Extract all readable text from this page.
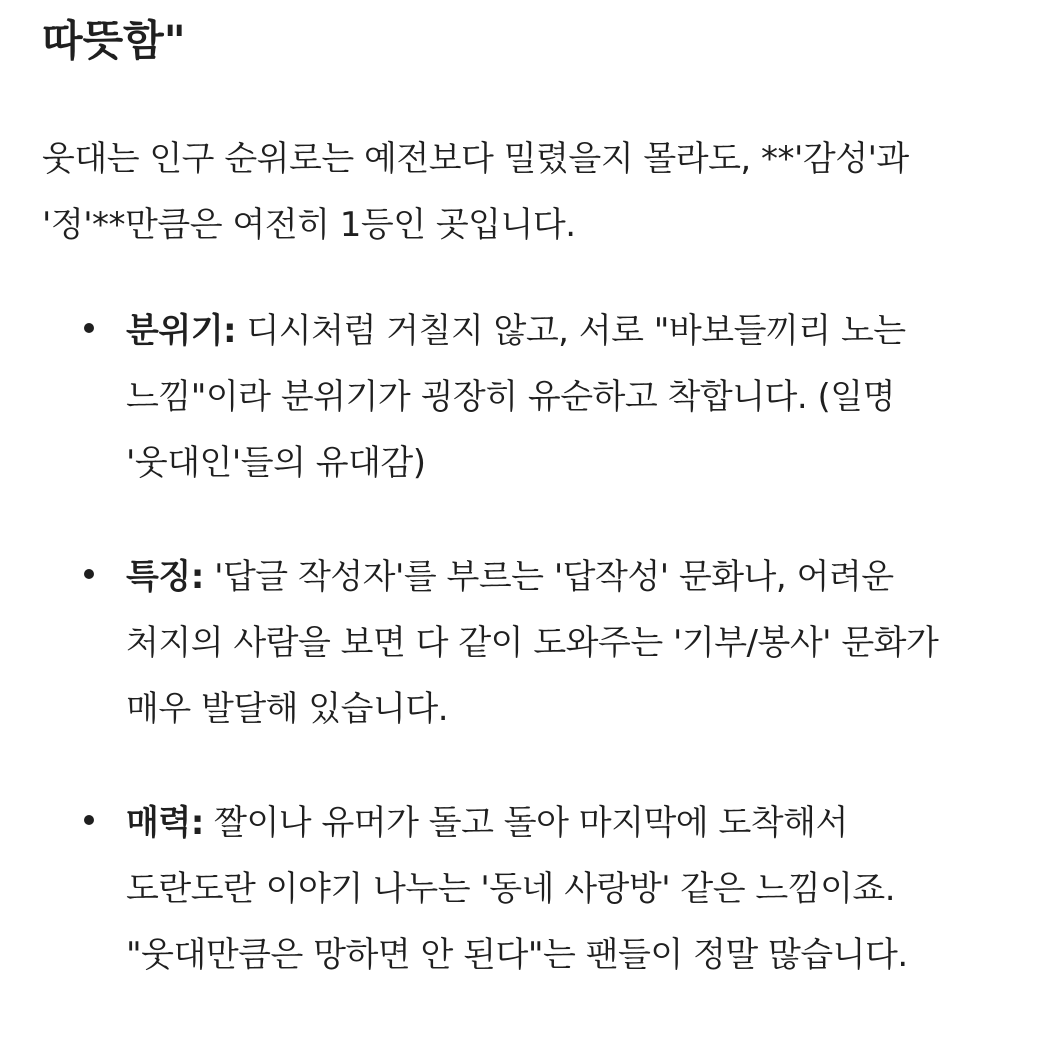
따뜻함"

웃대는 인구 순위로는 예전보다 밀렸을지 몰라도, **'감성'과
'정'**만큼은 여전히 1등인 곳입니다.

분위기: 디시처럼 거칠지 않고, 서로 "바보들끼리 노는
느낌"이라 분위기가 굉장히 유순하고 착합니다. (일명
'웃대인'들의 유대감)
특징: '답글 작성자'를 부르는 '답작성' 문화나, 어려운
처지의 사람을 보면 다 같이 도와주는 '기부/봉사' 문화가
매우 발달해 있습니다.
매력: 짤이나 유머가 돌고 돌아 마지막에 도착해서
도란도란 이야기 나누는 '동네 사랑방' 같은 느낌이죠.
"웃대만큼은 망하면 안 된다"는 팬들이 정말 많습니다.
